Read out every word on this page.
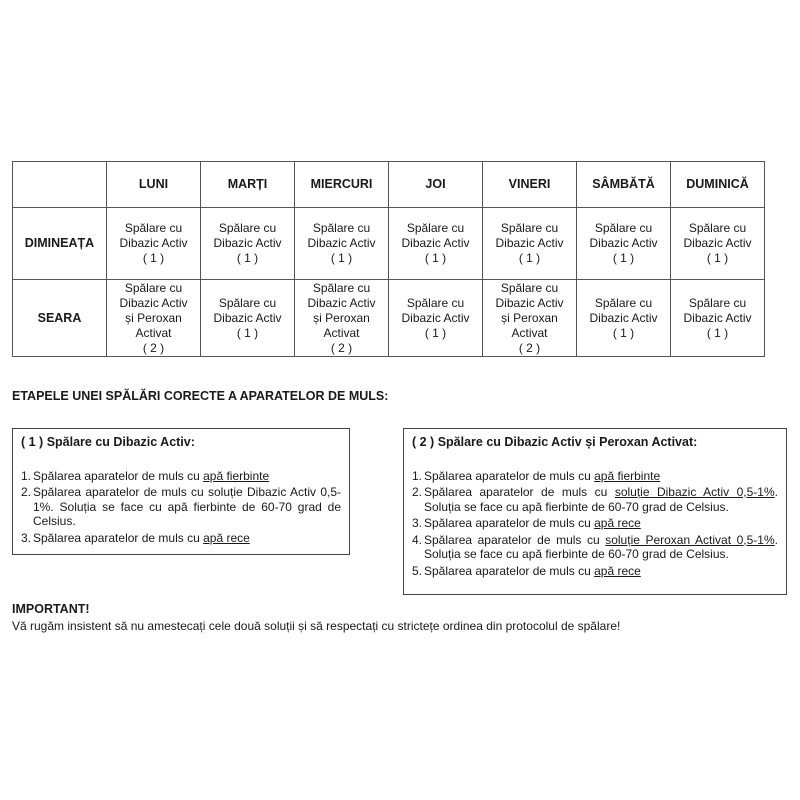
	LUNI	MARȚI	MIERCURI	JOI	VINERI	SÂMBĂTĂ	DUMINICĂ
DIMINEAȚA	Spălare cu
Dibazic Activ
( 1 )	Spălare cu
Dibazic Activ
( 1 )	Spălare cu
Dibazic Activ
( 1 )	Spălare cu
Dibazic Activ
( 1 )	Spălare cu
Dibazic Activ
( 1 )	Spălare cu
Dibazic Activ
( 1 )	Spălare cu
Dibazic Activ
( 1 )

SEARA	Spălare cu
Dibazic Activ
și Peroxan
Activat
( 2 )	Spălare cu
Dibazic Activ
( 1 )	Spălare cu
Dibazic Activ
și Peroxan
Activat
( 2 )	Spălare cu
Dibazic Activ
( 1 )	Spălare cu
Dibazic Activ
și Peroxan
Activat
( 2 )	Spălare cu
Dibazic Activ
( 1 )	Spălare cu
Dibazic Activ
( 1 )
ETAPELE UNEI SPĂLĂRI CORECTE A APARATELOR DE MULS:

( 1 ) Spălare cu Dibazic Activ:

1. Spălarea aparatelor de muls cu apă fierbinte
2. Spălarea aparatelor de muls cu soluție Dibazic Activ 0,5-1%. Soluția se face cu apă fierbinte de 60-70 grad de Celsius.
3. Spălarea aparatelor de muls cu apă rece

( 2 ) Spălare cu Dibazic Activ și Peroxan Activat:

1. Spălarea aparatelor de muls cu apă fierbinte
2. Spălarea aparatelor de muls cu soluție Dibazic Activ 0,5-1%. Soluția se face cu apă fierbinte de 60-70 grad de Celsius.
3. Spălarea aparatelor de muls cu apă rece
4. Spălarea aparatelor de muls cu soluție Peroxan Activat 0,5-1%. Soluția se face cu apă fierbinte de 60-70 grad de Celsius.
5. Spălarea aparatelor de muls cu apă rece

IMPORTANT!

Vă rugăm insistent să nu amestecați cele două soluții și să respectați cu strictețe ordinea din protocolul de spălare!
